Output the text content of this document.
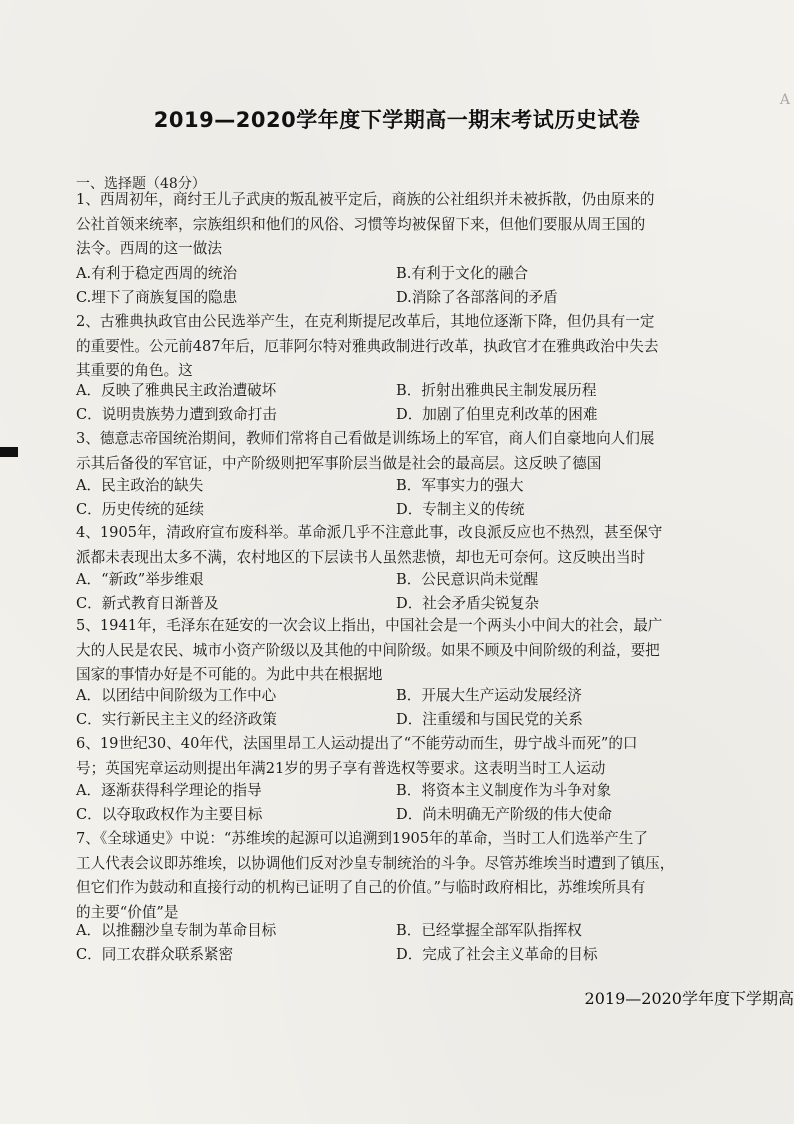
A
2019—2020学年度下学期高一期末考试历史试卷
一、选择题（48分）
1、西周初年，商纣王儿子武庚的叛乱被平定后，商族的公社组织并未被拆散，仍由原来的
公社首领来统率，宗族组织和他们的风俗、习惯等均被保留下来，但他们要服从周王国的
法令。西周的这一做法
A.有利于稳定西周的统治	B.有利于文化的融合
C.埋下了商族复国的隐患	D.消除了各部落间的矛盾
2、古雅典执政官由公民选举产生，在克利斯提尼改革后，其地位逐渐下降，但仍具有一定
的重要性。公元前487年后，厄菲阿尔特对雅典政制进行改革，执政官才在雅典政治中失去
其重要的角色。这
A．反映了雅典民主政治遭破坏	B．折射出雅典民主制发展历程
C．说明贵族势力遭到致命打击	D．加剧了伯里克利改革的困难
3、德意志帝国统治期间，教师们常将自己看做是训练场上的军官，商人们自豪地向人们展
示其后备役的军官证，中产阶级则把军事阶层当做是社会的最高层。这反映了德国
A．民主政治的缺失	B．军事实力的强大
C．历史传统的延续	D．专制主义的传统
4、1905年，清政府宣布废科举。革命派几乎不注意此事，改良派反应也不热烈，甚至保守
派都未表现出太多不满，农村地区的下层读书人虽然悲愤，却也无可奈何。这反映出当时
A．“新政”举步维艰	B．公民意识尚未觉醒
C．新式教育日渐普及	D．社会矛盾尖锐复杂
5、1941年，毛泽东在延安的一次会议上指出，中国社会是一个两头小中间大的社会，最广
大的人民是农民、城市小资产阶级以及其他的中间阶级。如果不顾及中间阶级的利益，要把
国家的事情办好是不可能的。为此中共在根据地
A．以团结中间阶级为工作中心	B．开展大生产运动发展经济
C．实行新民主主义的经济政策	D．注重缓和与国民党的关系
6、19世纪30、40年代，法国里昂工人运动提出了“不能劳动而生，毋宁战斗而死”的口
号；英国宪章运动则提出年满21岁的男子享有普选权等要求。这表明当时工人运动
A．逐渐获得科学理论的指导	B．将资本主义制度作为斗争对象
C．以夺取政权作为主要目标	D．尚未明确无产阶级的伟大使命
7、《全球通史》中说：“苏维埃的起源可以追溯到1905年的革命，当时工人们选举产生了
工人代表会议即苏维埃，以协调他们反对沙皇专制统治的斗争。尽管苏维埃当时遭到了镇压，
但它们作为鼓动和直接行动的机构已证明了自己的价值。”与临时政府相比，苏维埃所具有
的主要“价值”是
A．以推翻沙皇专制为革命目标	B．已经掌握全部军队指挥权
C．同工农群众联系紧密	D．完成了社会主义革命的目标
2019—2020学年度下学期高
